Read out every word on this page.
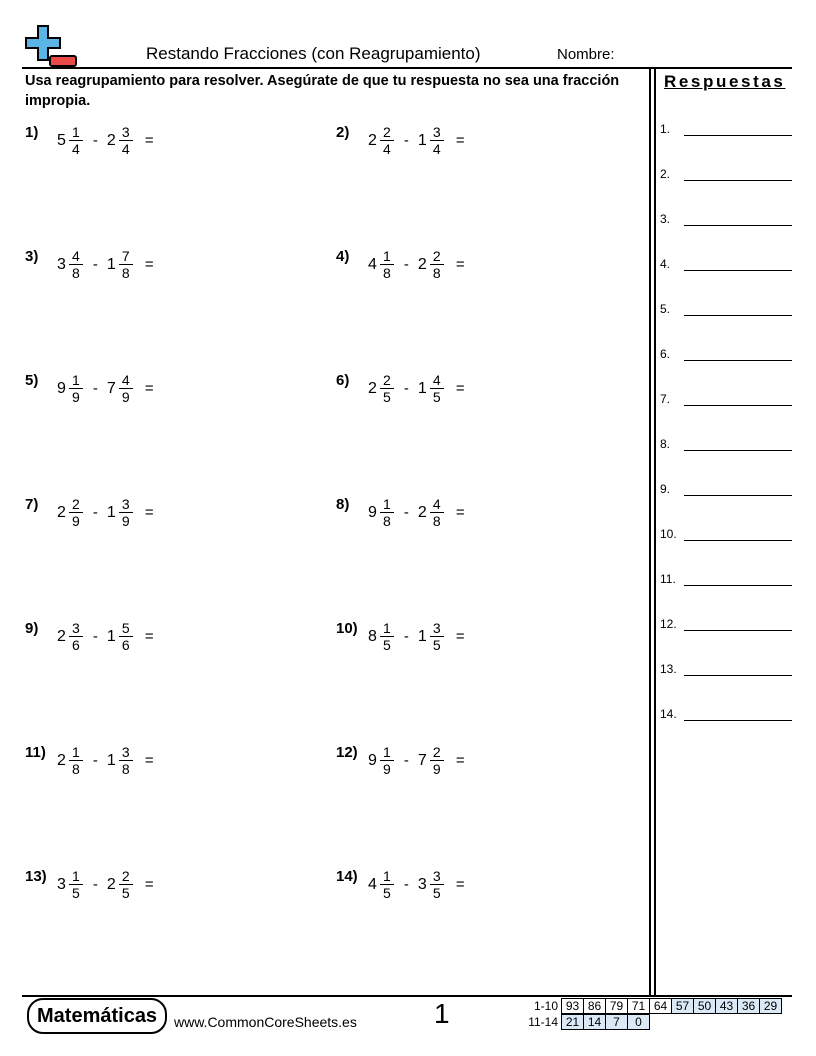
Restando Fracciones (con Reagrupamiento)	Nombre:
Usa reagrupamiento para resolver. Asegúrate de que tu respuesta no sea una fracción impropia.
Respuestas
1.
2.
3.
4.
5.
6.
7.
8.
9.
10.
11.
12.
13.
14.
1) $5 \frac{1}{4} - 2 \frac{3}{4}$ =	2) $2 \frac{2}{4} - 1 \frac{3}{4}$ =
3) $3 \frac{4}{8} - 1 \frac{7}{8}$ =	4) $4 \frac{1}{8} - 2 \frac{2}{8}$ =
5) $9 \frac{1}{9} - 7 \frac{4}{9}$ =	6) $2 \frac{2}{5} - 1 \frac{4}{5}$ =
7) $2 \frac{2}{9} - 1 \frac{3}{9}$ =	8) $9 \frac{1}{8} - 2 \frac{4}{8}$ =
9) $2 \frac{3}{6} - 1 \frac{5}{6}$ =	10) $8 \frac{1}{5} - 1 \frac{3}{5}$ =
11) $2 \frac{1}{8} - 1 \frac{3}{8}$ =	12) $9 \frac{1}{9} - 7 \frac{2}{9}$ =
13) $3 \frac{1}{5} - 2 \frac{2}{5}$ =	14) $4 \frac{1}{5} - 3 \frac{3}{5}$ =
Matemáticas	www.CommonCoreSheets.es	1	1-10	93	86	79	71	64	57	50	43	36	29
11-14	21	14	7	0
